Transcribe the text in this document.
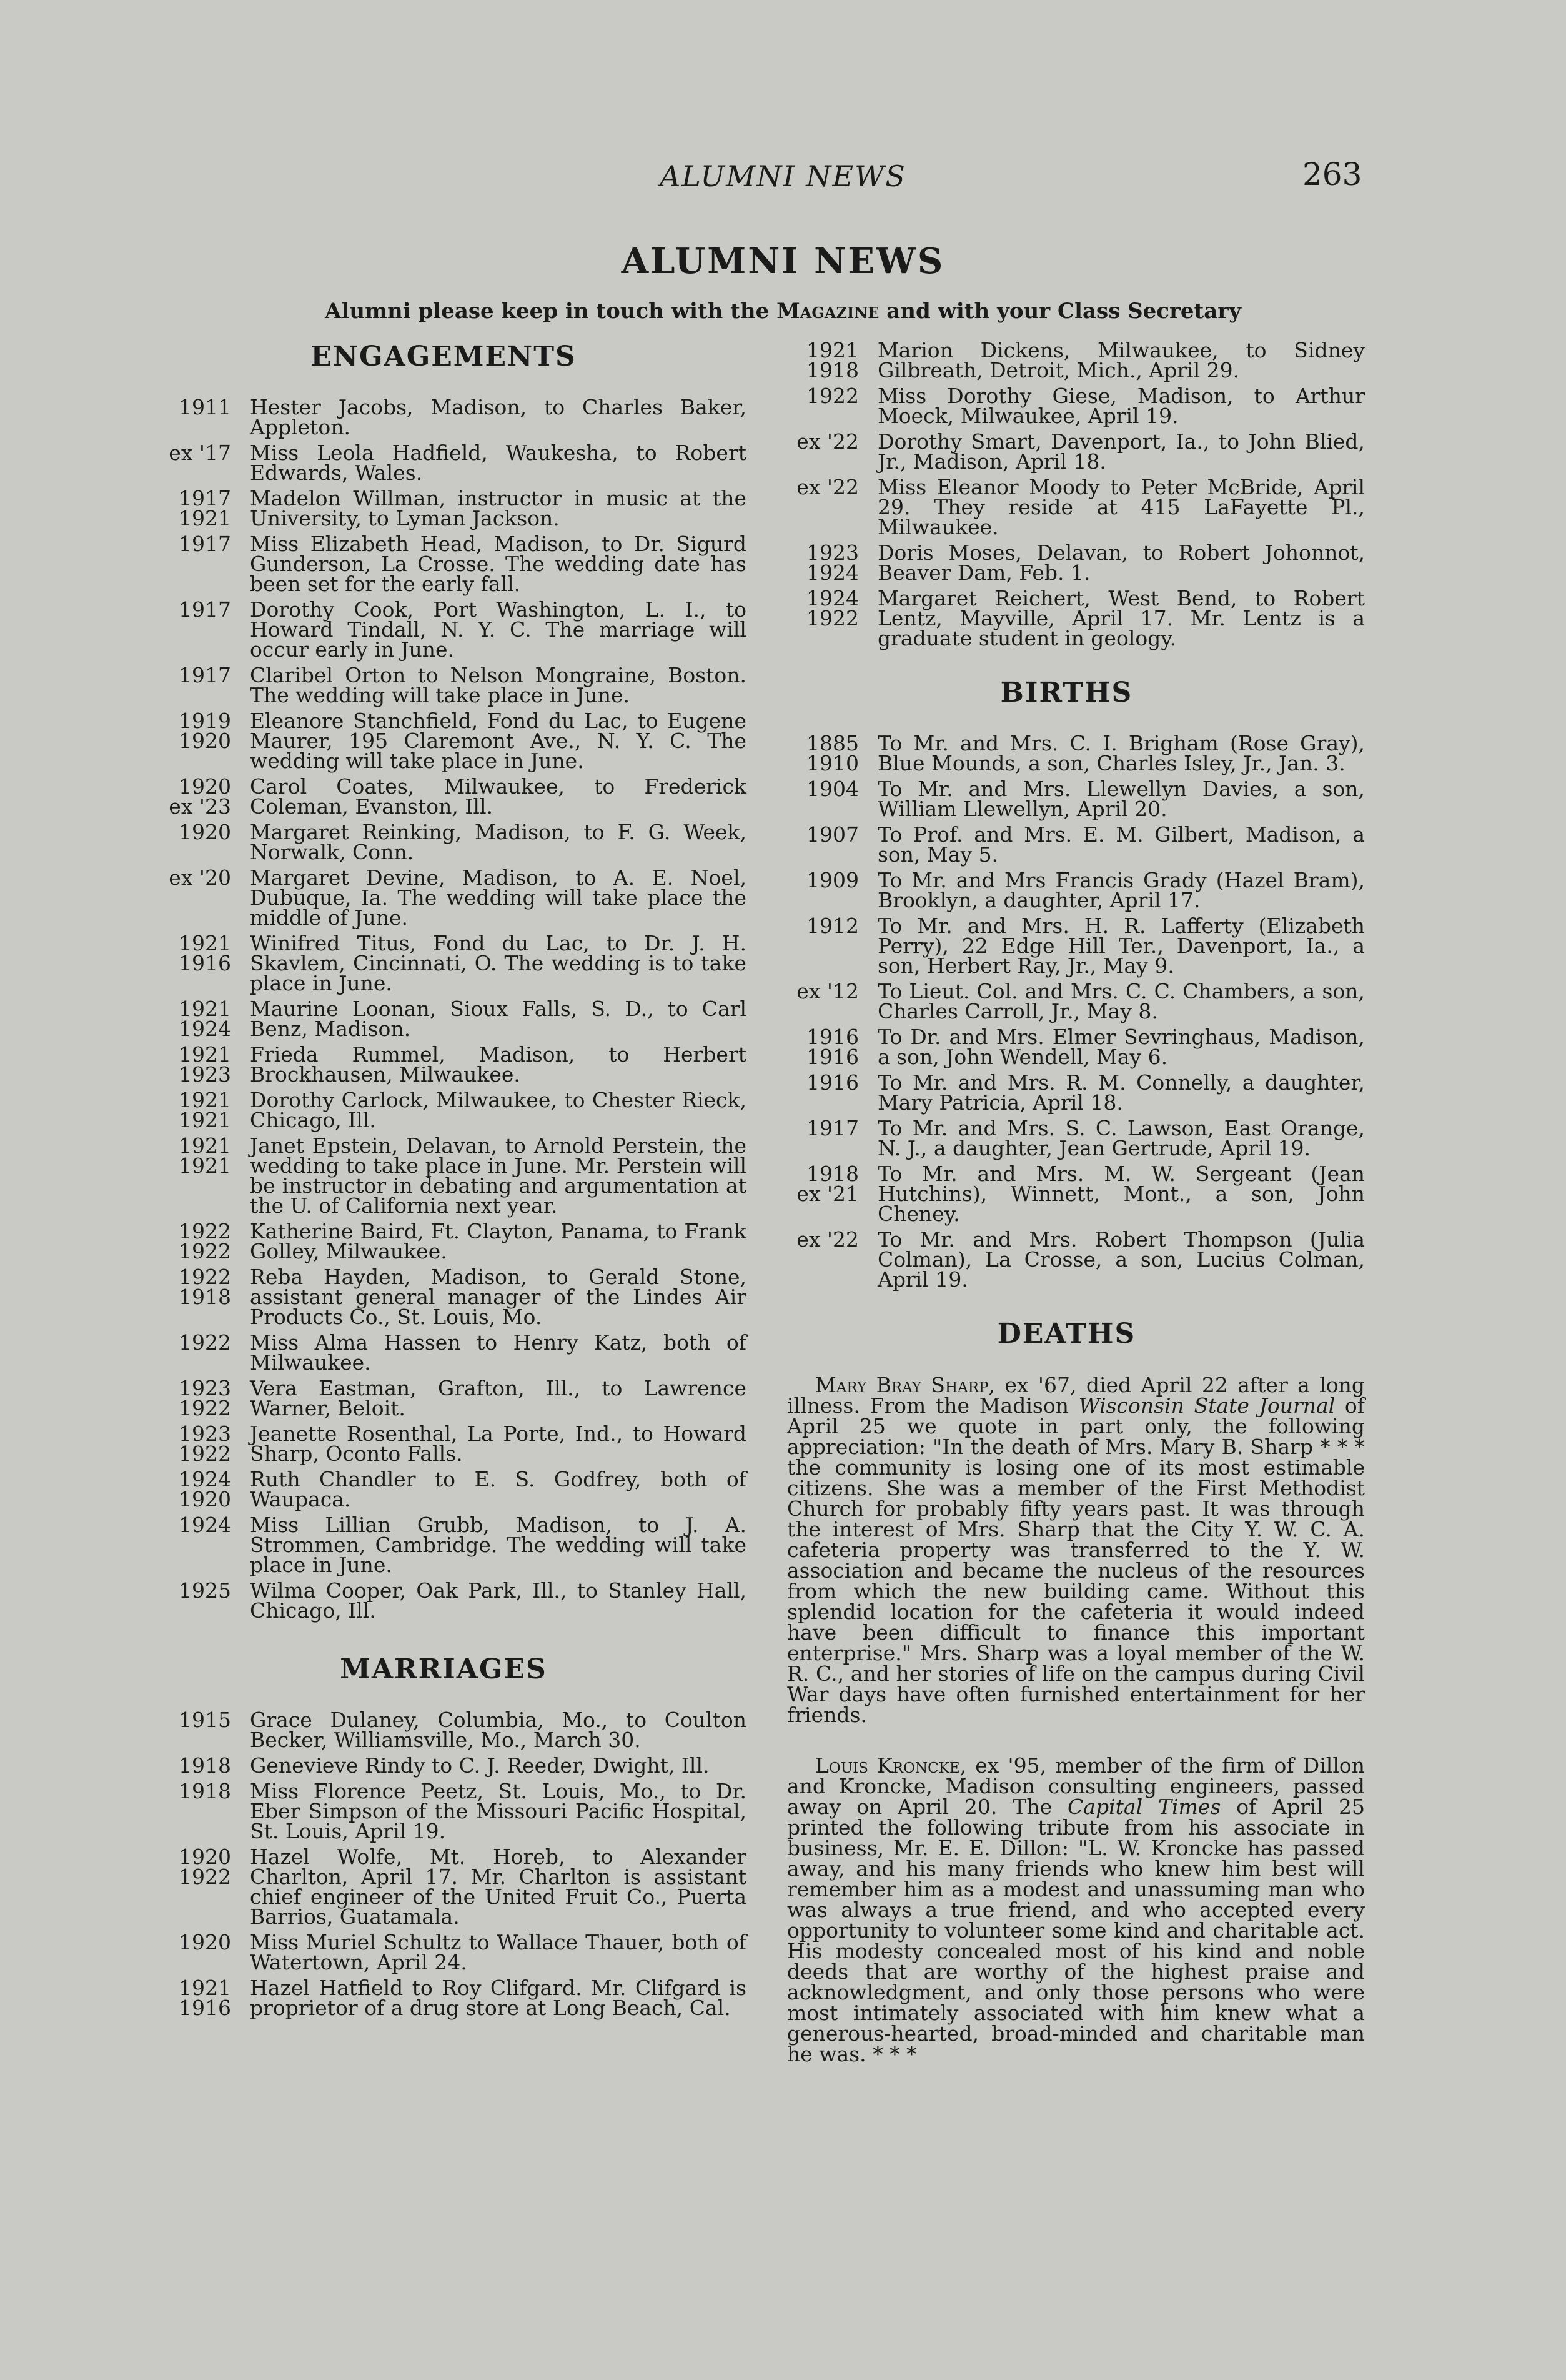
ALUMNI NEWS	263
ALUMNI NEWS
Alumni please keep in touch with the Magazine and with your Class Secretary
ENGAGEMENTS
1911 Hester Jacobs, Madison, to Charles Baker, Appleton.
ex '17 Miss Leola Hadfield, Waukesha, to Robert Edwards, Wales.
1917
1921
Madelon Willman, instructor in music at the University, to Lyman Jackson.
1917 Miss Elizabeth Head, Madison, to Dr. Sigurd Gunderson, La Crosse. The wedding date has been set for the early fall.
1917 Dorothy Cook, Port Washington, L. I., to Howard Tindall, N. Y. C. The marriage will occur early in June.
1917 Claribel Orton to Nelson Mongraine, Boston. The wedding will take place in June.
1919
1920
Eleanore Stanchfield, Fond du Lac, to Eugene Maurer, 195 Claremont Ave., N. Y. C. The wedding will take place in June.
1920
ex '23
Carol Coates, Milwaukee, to Frederick Coleman, Evanston, Ill.
1920 Margaret Reinking, Madison, to F. G. Week, Norwalk, Conn.
ex '20 Margaret Devine, Madison, to A. E. Noel, Dubuque, Ia. The wedding will take place the middle of June.
1921
1916
Winifred Titus, Fond du Lac, to Dr. J. H. Skavlem, Cincinnati, O. The wedding is to take place in June.
1921
1924
Maurine Loonan, Sioux Falls, S. D., to Carl Benz, Madison.
1921
1923
Frieda Rummel, Madison, to Herbert Brockhausen, Milwaukee.
1921
1921
Dorothy Carlock, Milwaukee, to Chester Rieck, Chicago, Ill.
1921
1921
Janet Epstein, Delavan, to Arnold Perstein, the wedding to take place in June. Mr. Perstein will be instructor in debating and argumentation at the U. of California next year.
1922
1922
Katherine Baird, Ft. Clayton, Panama, to Frank Golley, Milwaukee.
1922
1918
Reba Hayden, Madison, to Gerald Stone, assistant general manager of the Lindes Air Products Co., St. Louis, Mo.
1922 Miss Alma Hassen to Henry Katz, both of Milwaukee.
1923
1922
Vera Eastman, Grafton, Ill., to Lawrence Warner, Beloit.
1923
1922
Jeanette Rosenthal, La Porte, Ind., to Howard Sharp, Oconto Falls.
1924
1920
Ruth Chandler to E. S. Godfrey, both of Waupaca.
1924 Miss Lillian Grubb, Madison, to J. A. Strommen, Cambridge. The wedding will take place in June.
1925 Wilma Cooper, Oak Park, Ill., to Stanley Hall, Chicago, Ill.
MARRIAGES
1915 Grace Dulaney, Columbia, Mo., to Coulton Becker, Williamsville, Mo., March 30.
1918 Genevieve Rindy to C. J. Reeder, Dwight, Ill.
1918 Miss Florence Peetz, St. Louis, Mo., to Dr. Eber Simpson of the Missouri Pacific Hospital, St. Louis, April 19.
1920
1922
Hazel Wolfe, Mt. Horeb, to Alexander Charlton, April 17. Mr. Charlton is assistant chief engineer of the United Fruit Co., Puerta Barrios, Guatamala.
1920 Miss Muriel Schultz to Wallace Thauer, both of Watertown, April 24.
1921
1916
Hazel Hatfield to Roy Clifgard. Mr. Clifgard is proprietor of a drug store at Long Beach, Cal.
1921
1918
Marion Dickens, Milwaukee, to Sidney Gilbreath, Detroit, Mich., April 29.
1922 Miss Dorothy Giese, Madison, to Arthur Moeck, Milwaukee, April 19.
ex '22 Dorothy Smart, Davenport, Ia., to John Blied, Jr., Madison, April 18.
ex '22 Miss Eleanor Moody to Peter McBride, April 29. They reside at 415 LaFayette Pl., Milwaukee.
1923
1924
Doris Moses, Delavan, to Robert Johonnot, Beaver Dam, Feb. 1.
1924
1922
Margaret Reichert, West Bend, to Robert Lentz, Mayville, April 17. Mr. Lentz is a graduate student in geology.
BIRTHS
1885
1910
To Mr. and Mrs. C. I. Brigham (Rose Gray), Blue Mounds, a son, Charles Isley, Jr., Jan. 3.
1904 To Mr. and Mrs. Llewellyn Davies, a son, William Llewellyn, April 20.
1907 To Prof. and Mrs. E. M. Gilbert, Madison, a son, May 5.
1909 To Mr. and Mrs Francis Grady (Hazel Bram), Brooklyn, a daughter, April 17.
1912 To Mr. and Mrs. H. R. Lafferty (Elizabeth Perry), 22 Edge Hill Ter., Davenport, Ia., a son, Herbert Ray, Jr., May 9.
ex '12 To Lieut. Col. and Mrs. C. C. Chambers, a son, Charles Carroll, Jr., May 8.
1916
1916
To Dr. and Mrs. Elmer Sevringhaus, Madison, a son, John Wendell, May 6.
1916 To Mr. and Mrs. R. M. Connelly, a daughter, Mary Patricia, April 18.
1917 To Mr. and Mrs. S. C. Lawson, East Orange, N. J., a daughter, Jean Gertrude, April 19.
1918
ex '21
To Mr. and Mrs. M. W. Sergeant (Jean Hutchins), Winnett, Mont., a son, John Cheney.
ex '22 To Mr. and Mrs. Robert Thompson (Julia Colman), La Crosse, a son, Lucius Colman, April 19.
DEATHS

Mary Bray Sharp, ex '67, died April 22 after a long illness. From the Madison Wisconsin State Journal of April 25 we quote in part only, the following appreciation: "In the death of Mrs. Mary B. Sharp * * * the community is losing one of its most estimable citizens. She was a member of the First Methodist Church for probably fifty years past. It was through the interest of Mrs. Sharp that the City Y. W. C. A. cafeteria property was transferred to the Y. W. association and became the nucleus of the resources from which the new building came. Without this splendid location for the cafeteria it would indeed have been difficult to finance this important enterprise." Mrs. Sharp was a loyal member of the W. R. C., and her stories of life on the campus during Civil War days have often furnished entertainment for her friends.

Louis Kroncke, ex '95, member of the firm of Dillon and Kroncke, Madison consulting engineers, passed away on April 20. The Capital Times of April 25 printed the following tribute from his associate in business, Mr. E. E. Dillon: "L. W. Kroncke has passed away, and his many friends who knew him best will remember him as a modest and unassuming man who was always a true friend, and who accepted every opportunity to volunteer some kind and charitable act. His modesty concealed most of his kind and noble deeds that are worthy of the highest praise and acknowledgment, and only those persons who were most intimately associated with him knew what a generous-hearted, broad-minded and charitable man he was. * * *
